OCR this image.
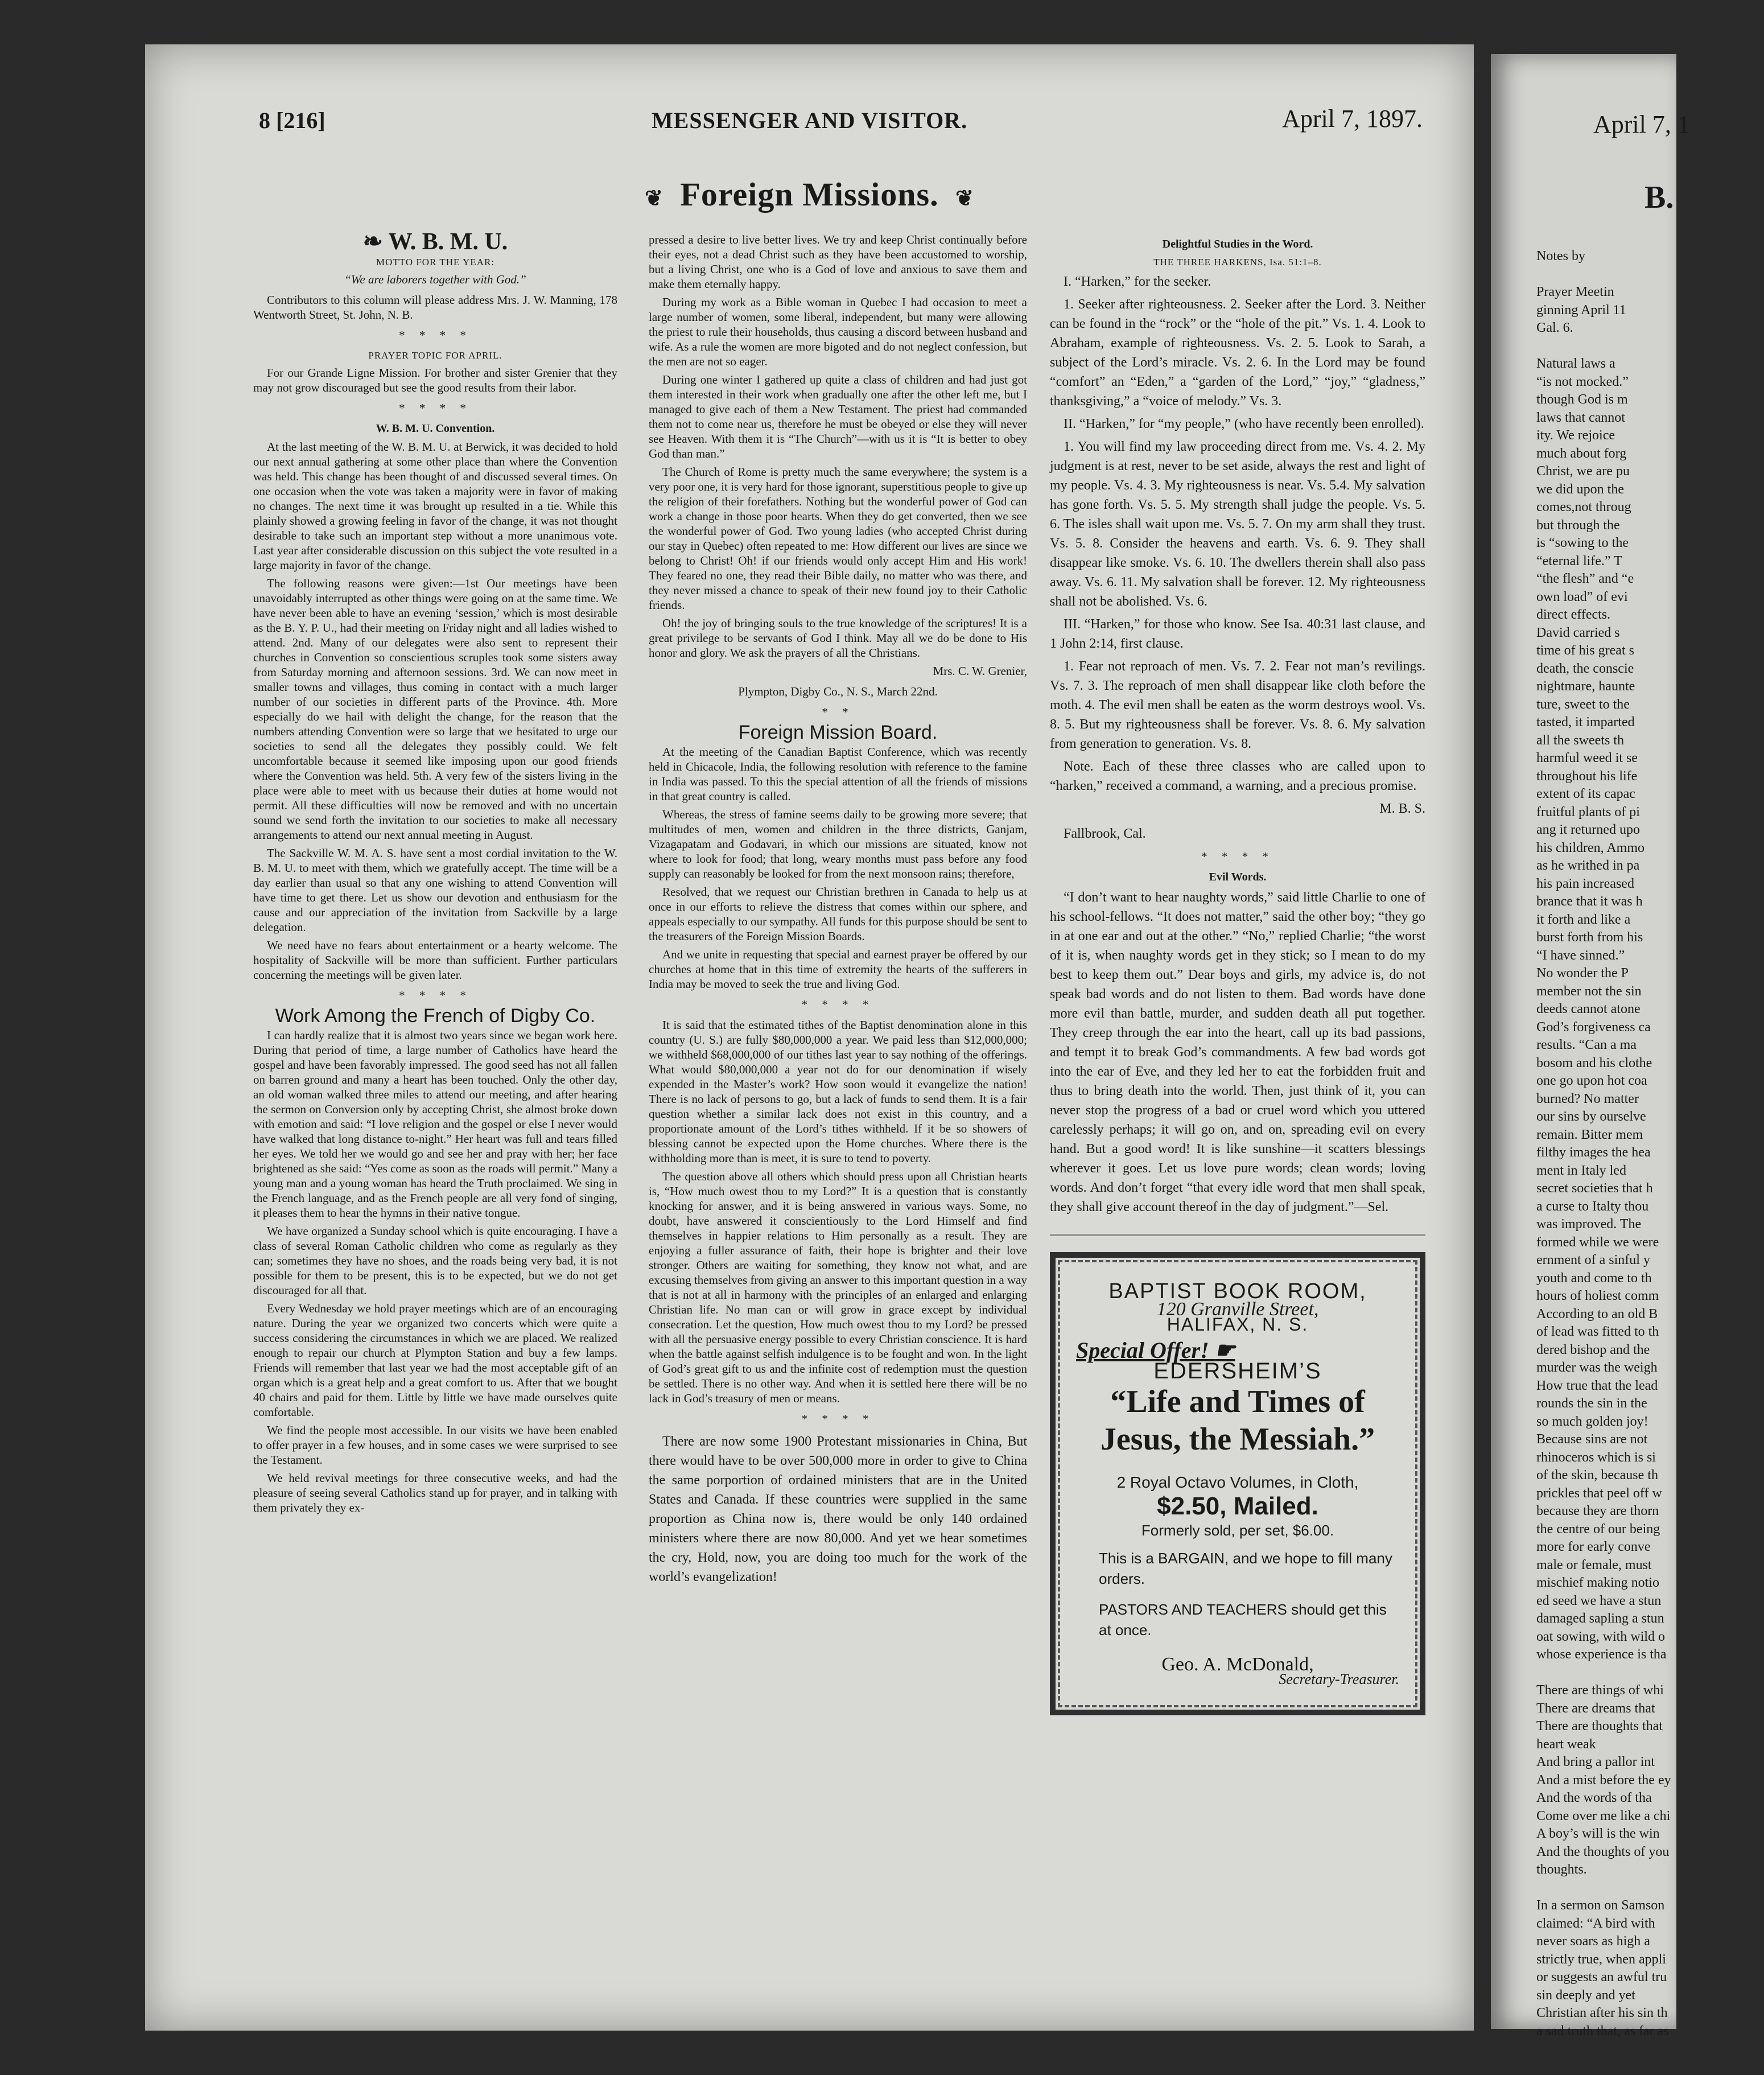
8 [216]	MESSENGER AND VISITOR.	April 7, 1897.
❦ Foreign Missions. ❦
❧ W. B. M. U.
MOTTO FOR THE YEAR:
“We are laborers together with God.”

Contributors to this column will please address Mrs. J. W. Manning, 178 Wentworth Street, St. John, N. B.

* * * *
PRAYER TOPIC FOR APRIL.

For our Grande Ligne Mission. For brother and sister Grenier that they may not grow discouraged but see the good results from their labor.

* * * *
W. B. M. U. Convention.

At the last meeting of the W. B. M. U. at Berwick, it was decided to hold our next annual gathering at some other place than where the Convention was held. This change has been thought of and discussed several times. On one occasion when the vote was taken a majority were in favor of making no changes. The next time it was brought up resulted in a tie. While this plainly showed a growing feeling in favor of the change, it was not thought desirable to take such an important step without a more unanimous vote. Last year after considerable discussion on this subject the vote resulted in a large majority in favor of the change.

The following reasons were given:—1st Our meetings have been unavoidably interrupted as other things were going on at the same time. We have never been able to have an evening ‘session,’ which is most desirable as the B. Y. P. U., had their meeting on Friday night and all ladies wished to attend. 2nd. Many of our delegates were also sent to represent their churches in Convention so conscientious scruples took some sisters away from Saturday morning and afternoon sessions. 3rd. We can now meet in smaller towns and villages, thus coming in contact with a much larger number of our societies in different parts of the Province. 4th. More especially do we hail with delight the change, for the reason that the numbers attending Convention were so large that we hesitated to urge our societies to send all the delegates they possibly could. We felt uncomfortable because it seemed like imposing upon our good friends where the Convention was held. 5th. A very few of the sisters living in the place were able to meet with us because their duties at home would not permit. All these difficulties will now be removed and with no uncertain sound we send forth the invitation to our societies to make all necessary arrangements to attend our next annual meeting in August.

The Sackville W. M. A. S. have sent a most cordial invitation to the W. B. M. U. to meet with them, which we gratefully accept. The time will be a day earlier than usual so that any one wishing to attend Convention will have time to get there. Let us show our devotion and enthusiasm for the cause and our appreciation of the invitation from Sackville by a large delegation.

We need have no fears about entertainment or a hearty welcome. The hospitality of Sackville will be more than sufficient. Further particulars concerning the meetings will be given later.

* * * *
Work Among the French of Digby Co.

I can hardly realize that it is almost two years since we began work here. During that period of time, a large number of Catholics have heard the gospel and have been favorably impressed. The good seed has not all fallen on barren ground and many a heart has been touched. Only the other day, an old woman walked three miles to attend our meeting, and after hearing the sermon on Conversion only by accepting Christ, she almost broke down with emotion and said: “I love religion and the gospel or else I never would have walked that long distance to-night.” Her heart was full and tears filled her eyes. We told her we would go and see her and pray with her; her face brightened as she said: “Yes come as soon as the roads will permit.” Many a young man and a young woman has heard the Truth proclaimed. We sing in the French language, and as the French people are all very fond of singing, it pleases them to hear the hymns in their native tongue.

We have organized a Sunday school which is quite encouraging. I have a class of several Roman Catholic children who come as regularly as they can; sometimes they have no shoes, and the roads being very bad, it is not possible for them to be present, this is to be expected, but we do not get discouraged for all that.

Every Wednesday we hold prayer meetings which are of an encouraging nature. During the year we organized two concerts which were quite a success considering the circumstances in which we are placed. We realized enough to repair our church at Plympton Station and buy a few lamps. Friends will remember that last year we had the most acceptable gift of an organ which is a great help and a great comfort to us. After that we bought 40 chairs and paid for them. Little by little we have made ourselves quite comfortable.

We find the people most accessible. In our visits we have been enabled to offer prayer in a few houses, and in some cases we were surprised to see the Testament.

We held revival meetings for three consecutive weeks, and had the pleasure of seeing several Catholics stand up for prayer, and in talking with them privately they ex-

pressed a desire to live better lives. We try and keep Christ continually before their eyes, not a dead Christ such as they have been accustomed to worship, but a living Christ, one who is a God of love and anxious to save them and make them eternally happy.

During my work as a Bible woman in Quebec I had occasion to meet a large number of women, some liberal, independent, but many were allowing the priest to rule their households, thus causing a discord between husband and wife. As a rule the women are more bigoted and do not neglect confession, but the men are not so eager.

During one winter I gathered up quite a class of children and had just got them interested in their work when gradually one after the other left me, but I managed to give each of them a New Testament. The priest had commanded them not to come near us, therefore he must be obeyed or else they will never see Heaven. With them it is “The Church”—with us it is “It is better to obey God than man.”

The Church of Rome is pretty much the same everywhere; the system is a very poor one, it is very hard for those ignorant, superstitious people to give up the religion of their forefathers. Nothing but the wonderful power of God can work a change in those poor hearts. When they do get converted, then we see the wonderful power of God. Two young ladies (who accepted Christ during our stay in Quebec) often repeated to me: How different our lives are since we belong to Christ! Oh! if our friends would only accept Him and His work! They feared no one, they read their Bible daily, no matter who was there, and they never missed a chance to speak of their new found joy to their Catholic friends.

Oh! the joy of bringing souls to the true knowledge of the scriptures! It is a great privilege to be servants of God I think. May all we do be done to His honor and glory. We ask the prayers of all the Christians.

Mrs. C. W. Grenier,
Plympton, Digby Co., N. S., March 22nd.
* *
Foreign Mission Board.

At the meeting of the Canadian Baptist Conference, which was recently held in Chicacole, India, the following resolution with reference to the famine in India was passed. To this the special attention of all the friends of missions in that great country is called.

Whereas, the stress of famine seems daily to be growing more severe; that multitudes of men, women and children in the three districts, Ganjam, Vizagapatam and Godavari, in which our missions are situated, know not where to look for food; that long, weary months must pass before any food supply can reasonably be looked for from the next monsoon rains; therefore,

Resolved, that we request our Christian brethren in Canada to help us at once in our efforts to relieve the distress that comes within our sphere, and appeals especially to our sympathy. All funds for this purpose should be sent to the treasurers of the Foreign Mission Boards.

And we unite in requesting that special and earnest prayer be offered by our churches at home that in this time of extremity the hearts of the sufferers in India may be moved to seek the true and living God.

* * * *

It is said that the estimated tithes of the Baptist denomination alone in this country (U. S.) are fully $80,000,000 a year. We paid less than $12,000,000; we withheld $68,000,000 of our tithes last year to say nothing of the offerings. What would $80,000,000 a year not do for our denomination if wisely expended in the Master’s work? How soon would it evangelize the nation! There is no lack of persons to go, but a lack of funds to send them. It is a fair question whether a similar lack does not exist in this country, and a proportionate amount of the Lord’s tithes withheld. If it be so showers of blessing cannot be expected upon the Home churches. Where there is the withholding more than is meet, it is sure to tend to poverty.

The question above all others which should press upon all Christian hearts is, “How much owest thou to my Lord?” It is a question that is constantly knocking for answer, and it is being answered in various ways. Some, no doubt, have answered it conscientiously to the Lord Himself and find themselves in happier relations to Him personally as a result. They are enjoying a fuller assurance of faith, their hope is brighter and their love stronger. Others are waiting for something, they know not what, and are excusing themselves from giving an answer to this important question in a way that is not at all in harmony with the principles of an enlarged and enlarging Christian life. No man can or will grow in grace except by individual consecration. Let the question, How much owest thou to my Lord? be pressed with all the persuasive energy possible to every Christian conscience. It is hard when the battle against selfish indulgence is to be fought and won. In the light of God’s great gift to us and the infinite cost of redemption must the question be settled. There is no other way. And when it is settled here there will be no lack in God’s treasury of men or means.

* * * *

There are now some 1900 Protestant missionaries in China, But there would have to be over 500,000 more in order to give to China the same porportion of ordained ministers that are in the United States and Canada. If these countries were supplied in the same proportion as China now is, there would be only 140 ordained ministers where there are now 80,000. And yet we hear sometimes the cry, Hold, now, you are doing too much for the work of the world’s evangelization!

Delightful Studies in the Word.
THE THREE HARKENS, Isa. 51:1–8.

I. “Harken,” for the seeker.

1. Seeker after righteousness. 2. Seeker after the Lord. 3. Neither can be found in the “rock” or the “hole of the pit.” Vs. 1. 4. Look to Abraham, example of righteousness. Vs. 2. 5. Look to Sarah, a subject of the Lord’s miracle. Vs. 2. 6. In the Lord may be found “comfort” an “Eden,” a “garden of the Lord,” “joy,” “gladness,” thanksgiving,” a “voice of melody.” Vs. 3.

II. “Harken,” for “my people,” (who have recently been enrolled).

1. You will find my law proceeding direct from me. Vs. 4. 2. My judgment is at rest, never to be set aside, always the rest and light of my people. Vs. 4. 3. My righteousness is near. Vs. 5.4. My salvation has gone forth. Vs. 5. 5. My strength shall judge the people. Vs. 5. 6. The isles shall wait upon me. Vs. 5. 7. On my arm shall they trust. Vs. 5. 8. Consider the heavens and earth. Vs. 6. 9. They shall disappear like smoke. Vs. 6. 10. The dwellers therein shall also pass away. Vs. 6. 11. My salvation shall be forever. 12. My righteousness shall not be abolished. Vs. 6.

III. “Harken,” for those who know. See Isa. 40:31 last clause, and 1 John 2:14, first clause.

1. Fear not reproach of men. Vs. 7. 2. Fear not man’s revilings. Vs. 7. 3. The reproach of men shall disappear like cloth before the moth. 4. The evil men shall be eaten as the worm destroys wool. Vs. 8. 5. But my righteousness shall be forever. Vs. 8. 6. My salvation from generation to generation. Vs. 8.

Note. Each of these three classes who are called upon to “harken,” received a command, a warning, and a precious promise.

M. B. S.

Fallbrook, Cal.

* * * *
Evil Words.

“I don’t want to hear naughty words,” said little Charlie to one of his school-fellows. “It does not matter,” said the other boy; “they go in at one ear and out at the other.” “No,” replied Charlie; “the worst of it is, when naughty words get in they stick; so I mean to do my best to keep them out.” Dear boys and girls, my advice is, do not speak bad words and do not listen to them. Bad words have done more evil than battle, murder, and sudden death all put together. They creep through the ear into the heart, call up its bad passions, and tempt it to break God’s commandments. A few bad words got into the ear of Eve, and they led her to eat the forbidden fruit and thus to bring death into the world. Then, just think of it, you can never stop the progress of a bad or cruel word which you uttered carelessly perhaps; it will go on, and on, spreading evil on every hand. But a good word! It is like sunshine—it scatters blessings wherever it goes. Let us love pure words; clean words; loving words. And don’t forget “that every idle word that men shall speak, they shall give account thereof in the day of judgment.”—Sel.

BAPTIST BOOK ROOM,
120 Granville Street,
HALIFAX, N. S.
Special Offer! ☛
EDERSHEIM’S
“Life and Times of Jesus, the Messiah.”
2 Royal Octavo Volumes, in Cloth,
$2.50, Mailed.
Formerly sold, per set, $6.00.
This is a BARGAIN, and we hope to fill many orders.
PASTORS AND TEACHERS should get this at once.
Geo. A. McDonald,
Secretary-Treasurer.
April 7, 1
B.

Notes by

Prayer Meetin

ginning April 11

Gal. 6.

Natural laws a

“is not mocked.”

though God is m

laws that cannot

ity. We rejoice

much about forg

Christ, we are pu

we did upon the

comes,not throug

but through the

is “sowing to the

“eternal life.” T

“the flesh” and “e

own load” of evi

direct effects.

David carried s

time of his great s

death, the conscie

nightmare, haunte

ture, sweet to the

tasted, it imparted

all the sweets th

harmful weed it se

throughout his life

extent of its capac

fruitful plants of pi

ang it returned upo

his children, Ammo

as he writhed in pa

his pain increased

brance that it was h

it forth and like a

burst forth from his

“I have sinned.”

No wonder the P

member not the sin

deeds cannot atone

God’s forgiveness ca

results. “Can a ma

bosom and his clothe

one go upon hot coa

burned? No matter

our sins by ourselve

remain. Bitter mem

filthy images the hea

ment in Italy led

secret societies that h

a curse to Italty thou

was improved. The

formed while we were

ernment of a sinful y

youth and come to th

hours of holiest comm

According to an old B

of lead was fitted to th

dered bishop and the

murder was the weigh

How true that the lead

rounds the sin in the

so much golden joy!

Because sins are not

rhinoceros which is si

of the skin, because th

prickles that peel off w

because they are thorn

the centre of our being

more for early conve

male or female, must

mischief making notio

ed seed we have a stun

damaged sapling a stun

oat sowing, with wild o

whose experience is tha

There are things of whi

There are dreams that

There are thoughts that

heart weak

And bring a pallor int

And a mist before the ey

And the words of tha

Come over me like a chi

A boy’s will is the win

And the thoughts of you

thoughts.

In a sermon on Samson

claimed: “A bird with

never soars as high a

strictly true, when appli

or suggests an awful tru

sin deeply and yet

Christian after his sin th

a sad truth that, as far as
